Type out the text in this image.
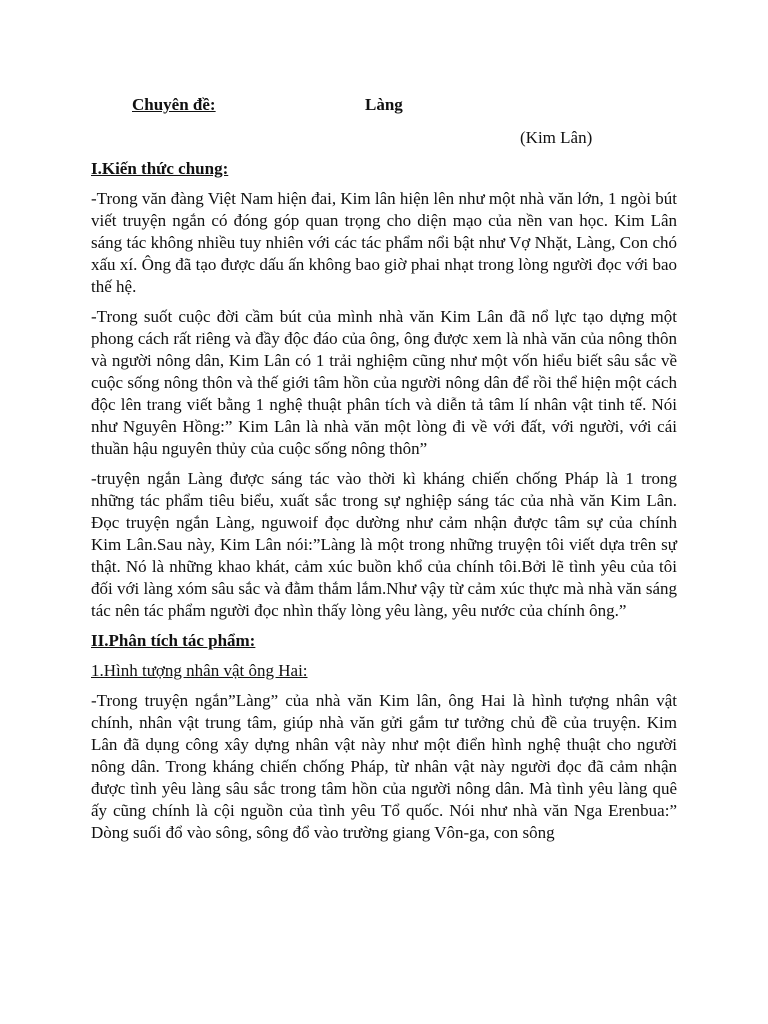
Chuyên đề:	Làng
(Kim Lân)
I.Kiến thức chung:

-Trong văn đàng Việt Nam hiện đai, Kim lân hiện lên như một nhà văn lớn, 1 ngòi bút viết truyện ngắn có đóng góp quan trọng cho diện mạo của nền van học. Kim Lân sáng tác không nhiều tuy nhiên với các tác phẩm nổi bật như Vợ Nhặt, Làng, Con chó xấu xí. Ông đã tạo được dấu ấn không bao giờ phai nhạt trong lòng người đọc với bao thế hệ.

-Trong suốt cuộc đời cầm bút của mình nhà văn Kim Lân đã nổ lực tạo dựng một phong cách rất riêng và đầy độc đáo của ông, ông được xem là nhà văn của nông thôn và người nông dân, Kim Lân có 1 trải nghiệm cũng như một vốn hiểu biết sâu sắc về cuộc sống nông thôn và thế giới tâm hồn của người nông dân để rồi thể hiện một cách độc lên trang viết bằng 1 nghệ thuật phân tích và diễn tả tâm lí nhân vật tinh tế. Nói như Nguyên Hồng:” Kim Lân là nhà văn một lòng đi về với đất, với người, với cái thuần hậu nguyên thủy của cuộc sống nông thôn”

-truyện ngắn Làng được sáng tác vào thời kì kháng chiến chống Pháp là 1 trong những tác phẩm tiêu biểu, xuất sắc trong sự nghiệp sáng tác của nhà văn Kim Lân. Đọc truyện ngắn Làng, nguwoif đọc dường như cảm nhận được tâm sự của chính Kim Lân.Sau này, Kim Lân nói:”Làng là một trong những truyện tôi viết dựa trên sự thật. Nó là những khao khát, cảm xúc buồn khổ của chính tôi.Bởi lẽ tình yêu của tôi đối với làng xóm sâu sắc và đằm thắm lắm.Như vậy từ cảm xúc thực mà nhà văn sáng tác nên tác phẩm người đọc nhìn thấy lòng yêu làng, yêu nước của chính ông.”

II.Phân tích tác phẩm:
1.Hình tượng nhân vật ông Hai:

-Trong truyện ngắn”Làng” của nhà văn Kim lân, ông Hai là hình tượng nhân vật chính, nhân vật trung tâm, giúp nhà văn gửi gắm tư tưởng chủ đề của truyện. Kim Lân đã dụng công xây dựng nhân vật này như một điển hình nghệ thuật cho người nông dân. Trong kháng chiến chống Pháp, từ nhân vật này người đọc đã cảm nhận được tình yêu làng sâu sắc trong tâm hồn của người nông dân. Mà tình yêu làng quê ấy cũng chính là cội nguồn của tình yêu Tổ quốc. Nói như nhà văn Nga Erenbua:” Dòng suối đổ vào sông, sông đổ vào trường giang Vôn-ga, con sông
